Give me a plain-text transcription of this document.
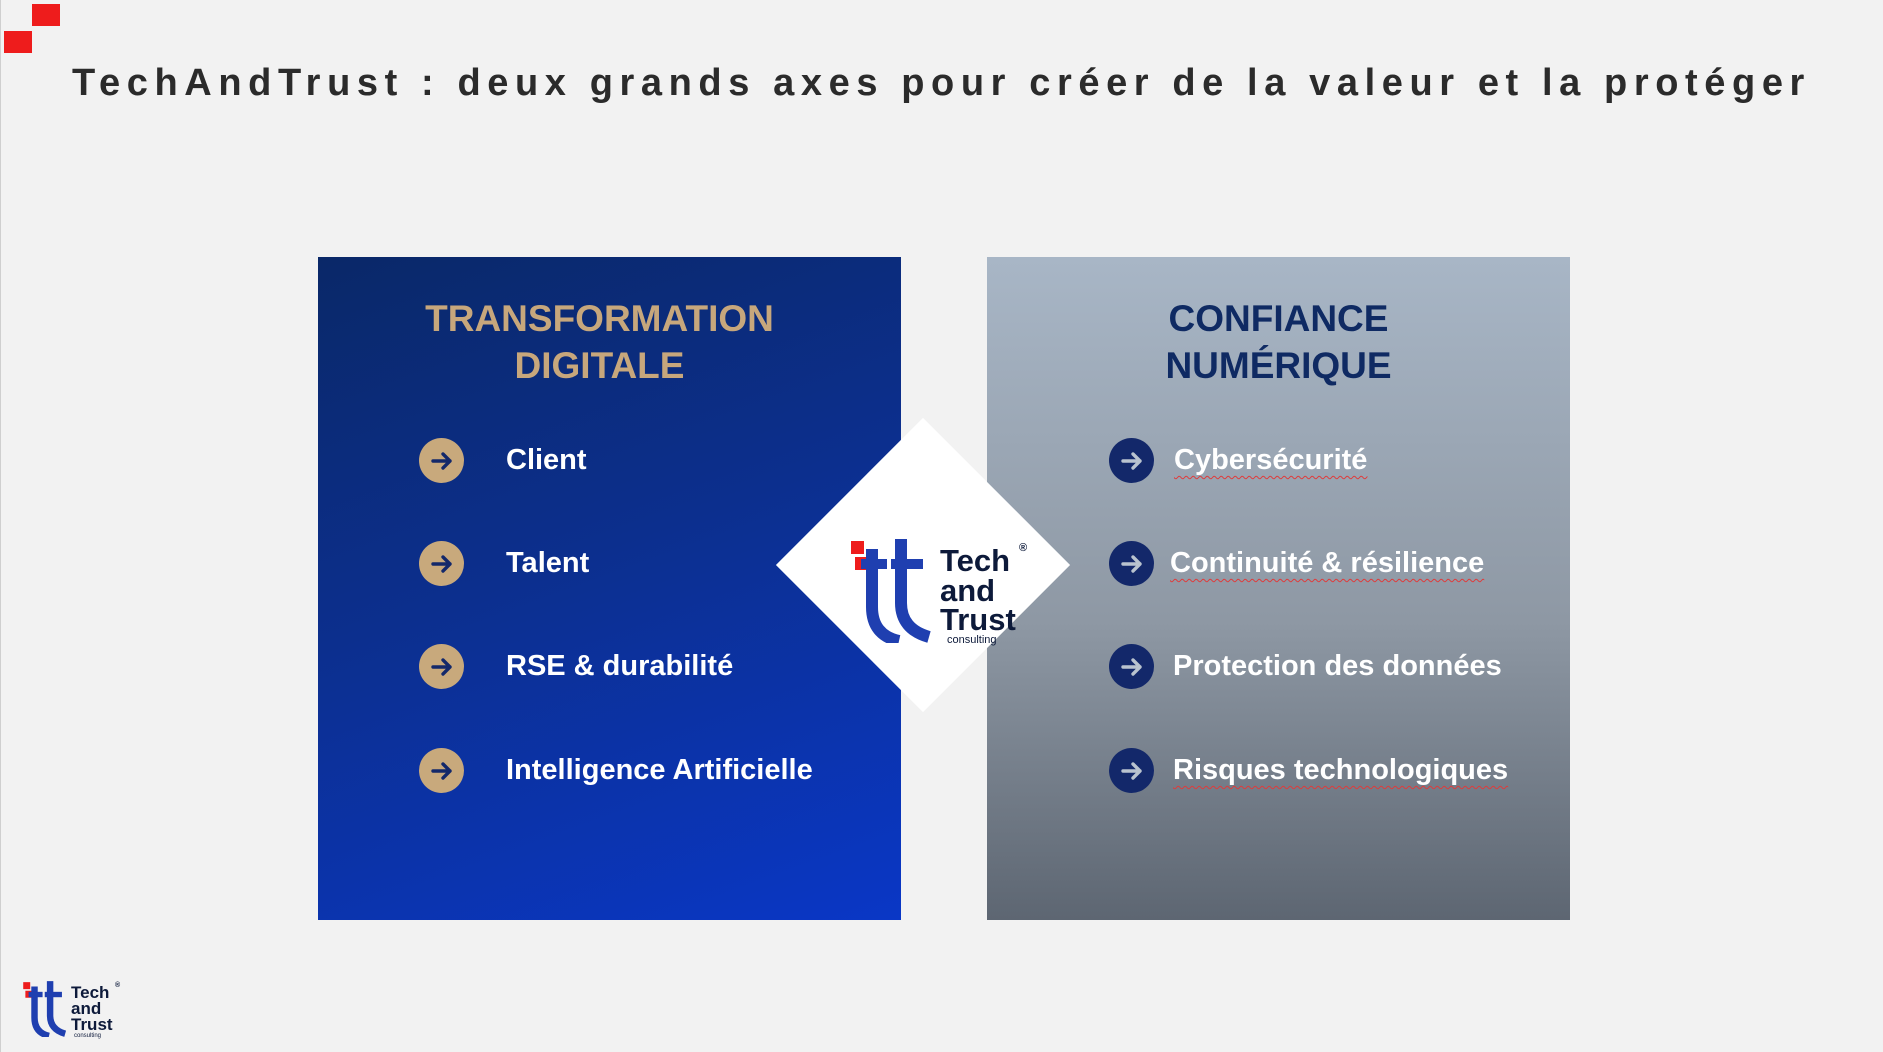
TechAndTrust : deux grands axes pour créer de la valeur et la protéger
TRANSFORMATION
DIGITALE
Client
Talent
RSE & durabilité
Intelligence Artificielle
CONFIANCE
NUMÉRIQUE
Cybersécurité
Continuité & résilience
Protection des données
Risques technologiques
Tech ®
and
Trust
consulting
Tech ®
and
Trust
consulting
